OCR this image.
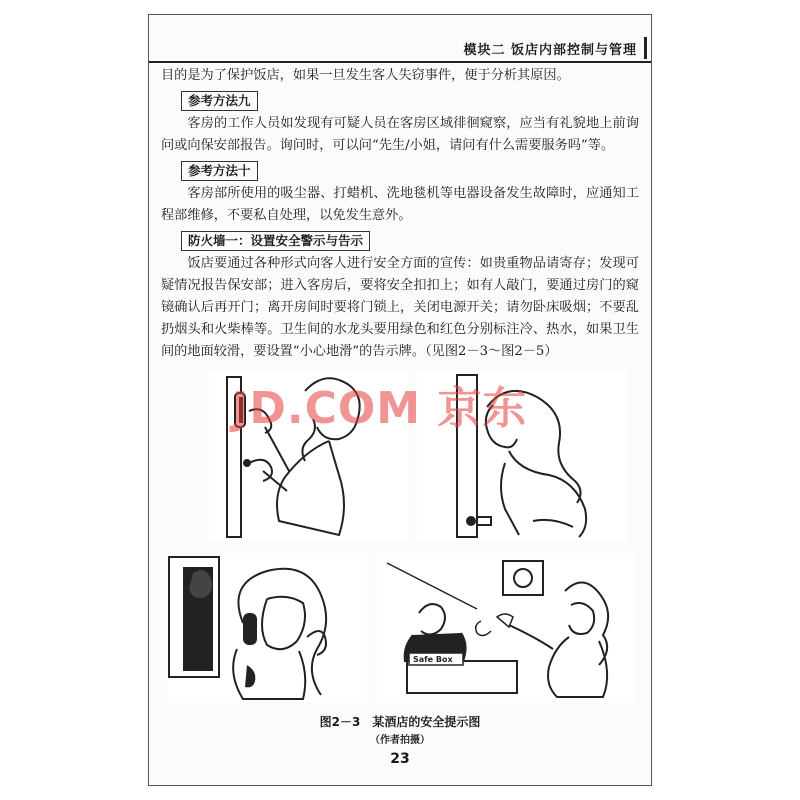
模块二 饭店内部控制与管理

目的是为了保护饭店，如果一旦发生客人失窃事件，便于分析其原因。

参考方法九

客房的工作人员如发现有可疑人员在客房区域徘徊窥察，应当有礼貌地上前询问或向保安部报告。询问时，可以问“先生/小姐，请问有什么需要服务吗”等。

参考方法十

客房部所使用的吸尘器、打蜡机、洗地毯机等电器设备发生故障时，应通知工程部维修，不要私自处理，以免发生意外。

防火墙一：设置安全警示与告示

饭店要通过各种形式向客人进行安全方面的宣传：如贵重物品请寄存；发现可疑情况报告保安部；进入客房后，要将安全扣扣上；如有人敲门，要通过房门的窥镜确认后再开门；离开房间时要将门锁上，关闭电源开关；请勿卧床吸烟；不要乱扔烟头和火柴棒等。卫生间的水龙头要用绿色和红色分别标注冷、热水，如果卫生间的地面较滑，要设置“小心地滑”的告示牌。（见图2－3～图2－5）

Safe Box
图2－3　某酒店的安全提示图
（作者拍摄）
23
JD.COM 京东
